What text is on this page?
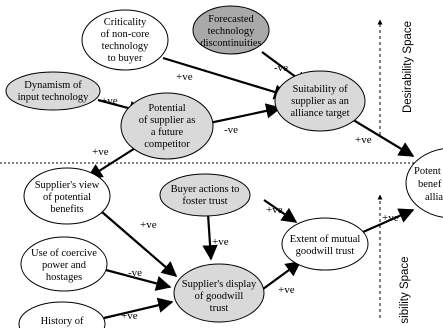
Desirability Space
sibility Space
Criticality
of non-core
technology
to buyer
Forecasted
technology
discontinuities
Dynamism of
input technology
Potential
of supplier as
a future
competitor
Suitability of
supplier as an
alliance target
Potent
benef
allia
Supplier's view
of potential
benefits
Buyer actions to
foster trust
Extent of mutual
goodwill trust
Use of coercive
power and
hostages
Supplier's display
of goodwill
trust
History of
+ve
-ve
+ve
-ve
+ve
+ve
+ve
+ve
+ve
-ve
+ve
+ve
+ve
